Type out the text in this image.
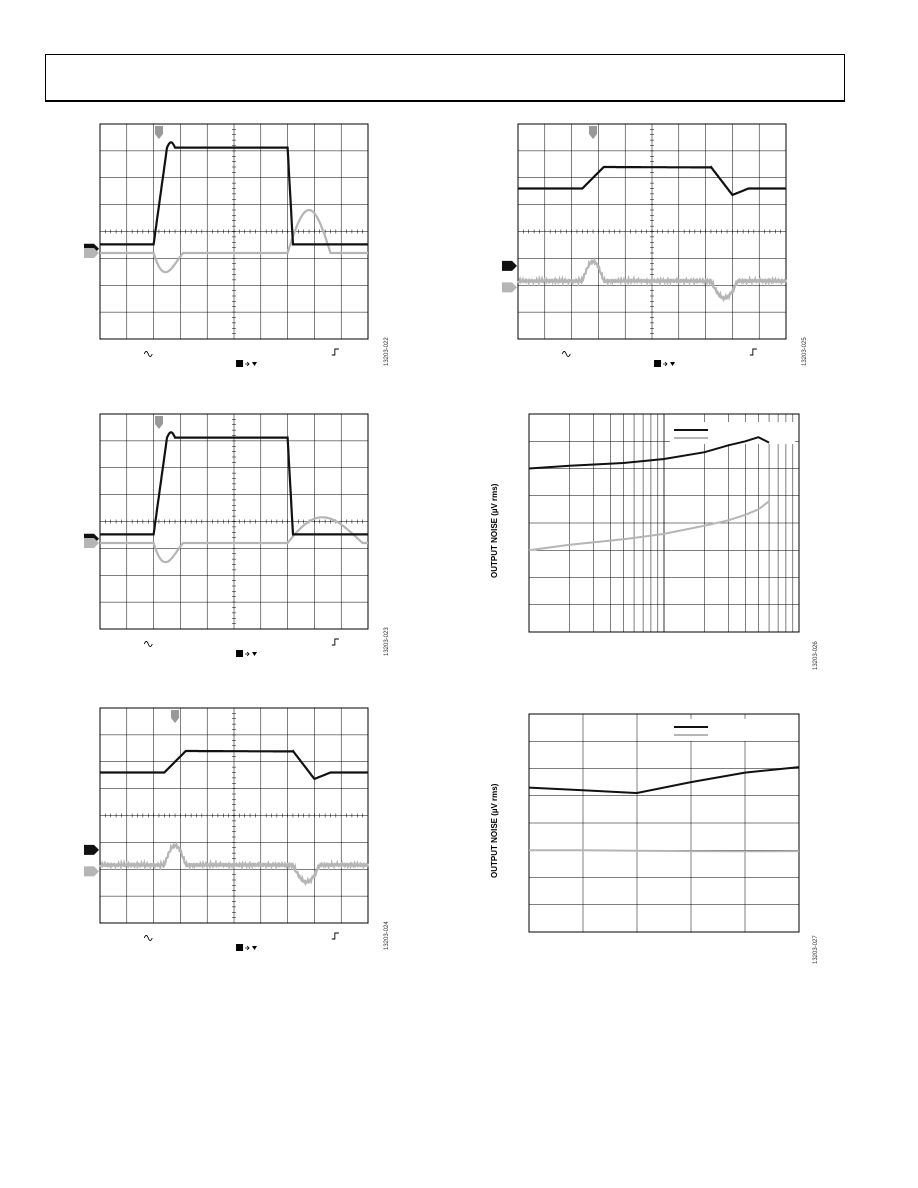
13203-022	13203-025
13203-023
13203-024
OUTPUT NOISE (µV rms)
13203-026
OUTPUT NOISE (µV rms)
13203-027
